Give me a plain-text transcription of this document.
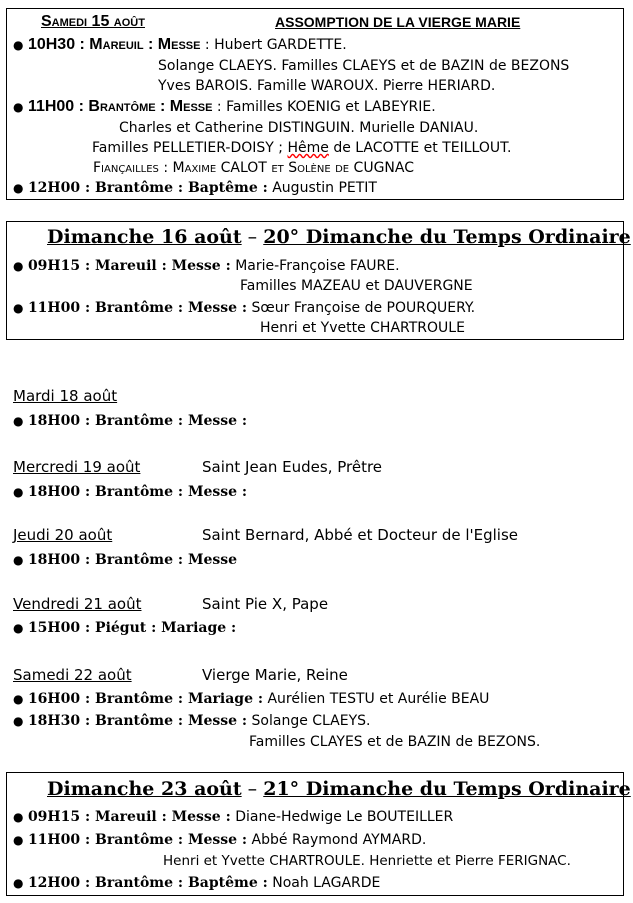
Samedi 15 août	ASSOMPTION DE LA VIERGE MARIE
● 10H30 : Mareuil : Messe : Hubert GARDETTE.
Solange CLAEYS. Familles CLAEYS et de BAZIN de BEZONS
Yves BAROIS. Famille WAROUX. Pierre HERIARD.
● 11H00 : Brantôme : Messe : Familles KOENIG et LABEYRIE.
Charles et Catherine DISTINGUIN. Murielle DANIAU.
Familles PELLETIER-DOISY ; Hême de LACOTTE et TEILLOUT.
Fiançailles : Maxime CALOT et Solène de CUGNAC
● 12H00 : Brantôme : Baptême : Augustin PETIT
Dimanche 16 août – 20° Dimanche du Temps Ordinaire
● 09H15 : Mareuil : Messe : Marie-Françoise FAURE.
Familles MAZEAU et DAUVERGNE
● 11H00 : Brantôme : Messe : Sœur Françoise de POURQUERY.
Henri et Yvette CHARTROULE
Mardi 18 août
● 18H00 : Brantôme : Messe :
Mercredi 19 août	Saint Jean Eudes, Prêtre
● 18H00 : Brantôme : Messe :
Jeudi 20 août	Saint Bernard, Abbé et Docteur de l'Eglise
● 18H00 : Brantôme : Messe
Vendredi 21 août	Saint Pie X, Pape
● 15H00 : Piégut : Mariage :
Samedi 22 août	Vierge Marie, Reine
● 16H00 : Brantôme : Mariage : Aurélien TESTU et Aurélie BEAU
● 18H30 : Brantôme : Messe : Solange CLAEYS.
Familles CLAYES et de BAZIN de BEZONS.
Dimanche 23 août – 21° Dimanche du Temps Ordinaire
● 09H15 : Mareuil : Messe : Diane-Hedwige Le BOUTEILLER
● 11H00 : Brantôme : Messe : Abbé Raymond AYMARD.
Henri et Yvette CHARTROULE. Henriette et Pierre FERIGNAC.
● 12H00 : Brantôme : Baptême : Noah LAGARDE
